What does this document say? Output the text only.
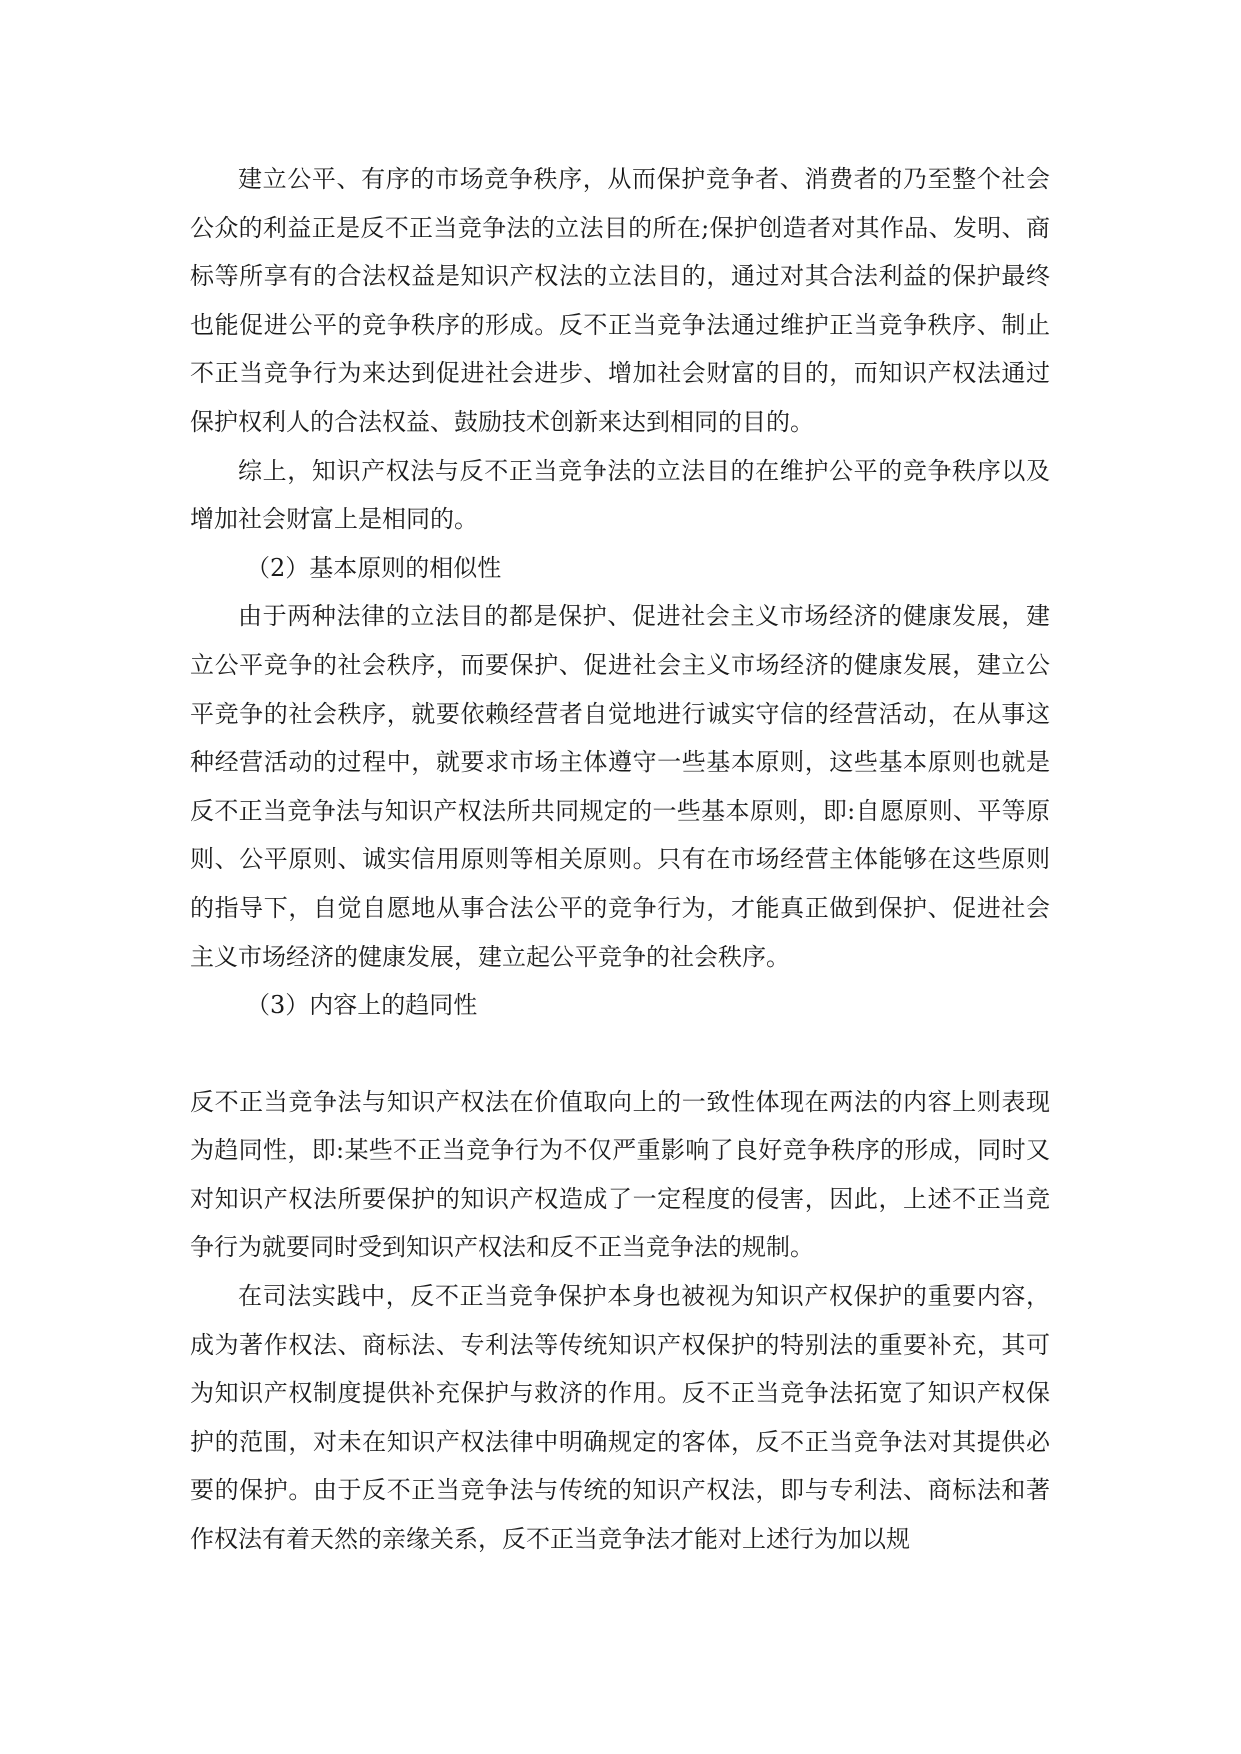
建立公平、有序的市场竞争秩序，从而保护竞争者、消费者的乃至整个社会公众的利益正是反不正当竞争法的立法目的所在;保护创造者对其作品、发明、商标等所享有的合法权益是知识产权法的立法目的，通过对其合法利益的保护最终也能促进公平的竞争秩序的形成。反不正当竞争法通过维护正当竞争秩序、制止不正当竞争行为来达到促进社会进步、增加社会财富的目的，而知识产权法通过保护权利人的合法权益、鼓励技术创新来达到相同的目的。

综上，知识产权法与反不正当竞争法的立法目的在维护公平的竞争秩序以及增加社会财富上是相同的。

（2）基本原则的相似性

由于两种法律的立法目的都是保护、促进社会主义市场经济的健康发展，建立公平竞争的社会秩序，而要保护、促进社会主义市场经济的健康发展，建立公平竞争的社会秩序，就要依赖经营者自觉地进行诚实守信的经营活动，在从事这种经营活动的过程中，就要求市场主体遵守一些基本原则，这些基本原则也就是反不正当竞争法与知识产权法所共同规定的一些基本原则，即:自愿原则、平等原则、公平原则、诚实信用原则等相关原则。只有在市场经营主体能够在这些原则的指导下，自觉自愿地从事合法公平的竞争行为，才能真正做到保护、促进社会主义市场经济的健康发展，建立起公平竞争的社会秩序。

（3）内容上的趋同性

反不正当竞争法与知识产权法在价值取向上的一致性体现在两法的内容上则表现为趋同性，即:某些不正当竞争行为不仅严重影响了良好竞争秩序的形成，同时又对知识产权法所要保护的知识产权造成了一定程度的侵害，因此，上述不正当竞争行为就要同时受到知识产权法和反不正当竞争法的规制。

在司法实践中，反不正当竞争保护本身也被视为知识产权保护的重要内容，成为著作权法、商标法、专利法等传统知识产权保护的特别法的重要补充，其可为知识产权制度提供补充保护与救济的作用。反不正当竞争法拓宽了知识产权保护的范围，对未在知识产权法律中明确规定的客体，反不正当竞争法对其提供必要的保护。由于反不正当竞争法与传统的知识产权法，即与专利法、商标法和著作权法有着天然的亲缘关系，反不正当竞争法才能对上述行为加以规
